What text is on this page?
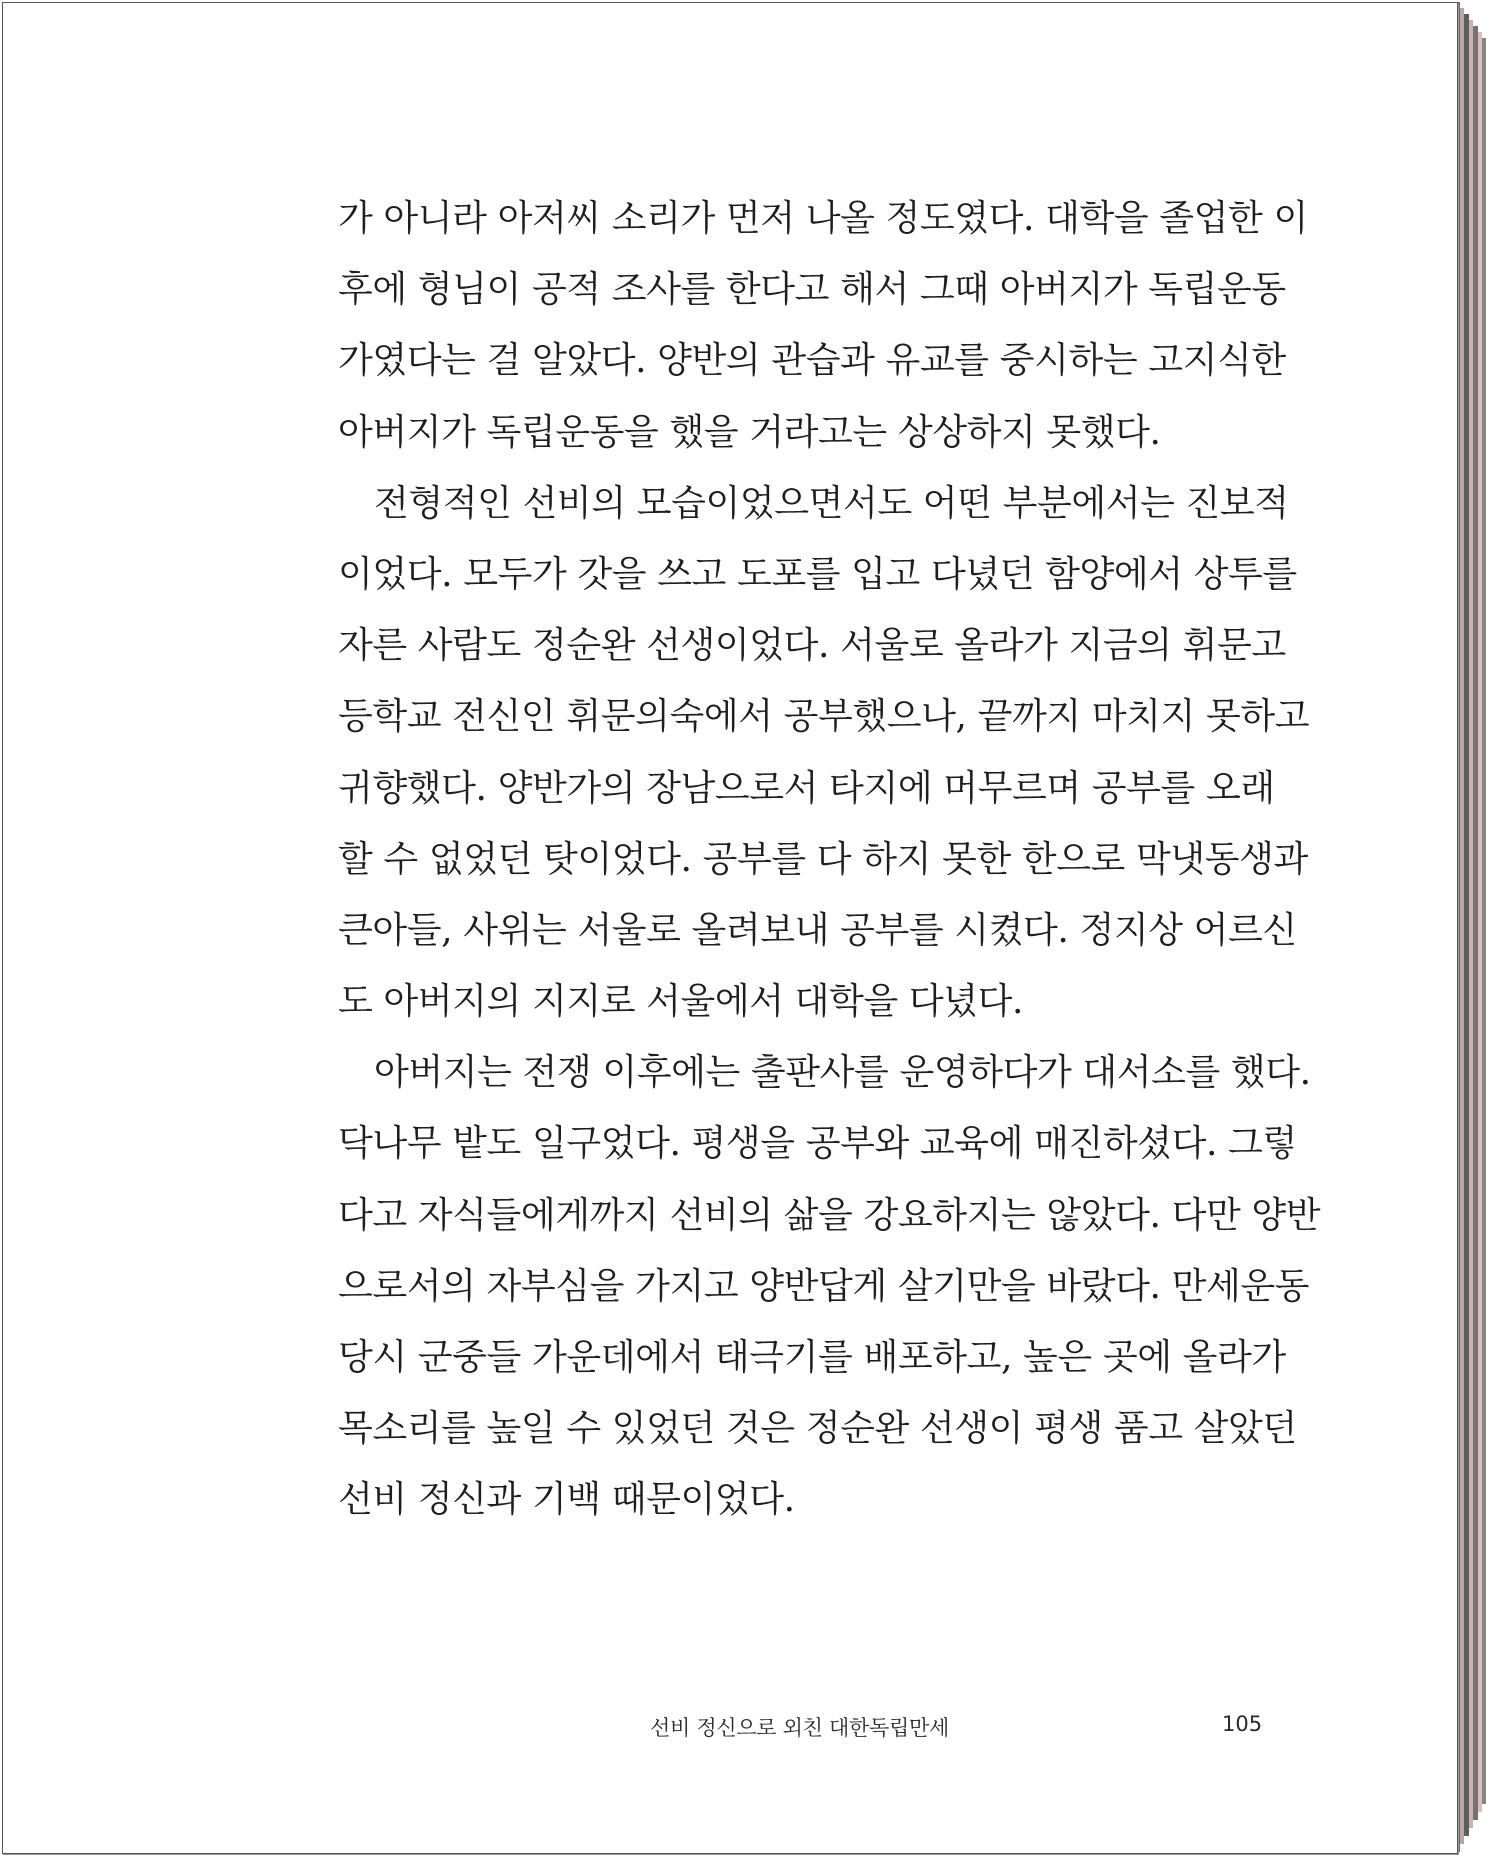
가 아니라 아저씨 소리가 먼저 나올 정도였다. 대학을 졸업한 이
후에 형님이 공적 조사를 한다고 해서 그때 아버지가 독립운동
가였다는 걸 알았다. 양반의 관습과 유교를 중시하는 고지식한
아버지가 독립운동을 했을 거라고는 상상하지 못했다.
전형적인 선비의 모습이었으면서도 어떤 부분에서는 진보적
이었다. 모두가 갓을 쓰고 도포를 입고 다녔던 함양에서 상투를
자른 사람도 정순완 선생이었다. 서울로 올라가 지금의 휘문고
등학교 전신인 휘문의숙에서 공부했으나, 끝까지 마치지 못하고
귀향했다. 양반가의 장남으로서 타지에 머무르며 공부를 오래
할 수 없었던 탓이었다. 공부를 다 하지 못한 한으로 막냇동생과
큰아들, 사위는 서울로 올려보내 공부를 시켰다. 정지상 어르신
도 아버지의 지지로 서울에서 대학을 다녔다.
아버지는 전쟁 이후에는 출판사를 운영하다가 대서소를 했다.
닥나무 밭도 일구었다. 평생을 공부와 교육에 매진하셨다. 그렇
다고 자식들에게까지 선비의 삶을 강요하지는 않았다. 다만 양반
으로서의 자부심을 가지고 양반답게 살기만을 바랐다. 만세운동
당시 군중들 가운데에서 태극기를 배포하고, 높은 곳에 올라가
목소리를 높일 수 있었던 것은 정순완 선생이 평생 품고 살았던
선비 정신과 기백 때문이었다.
선비 정신으로 외친 대한독립만세	105
